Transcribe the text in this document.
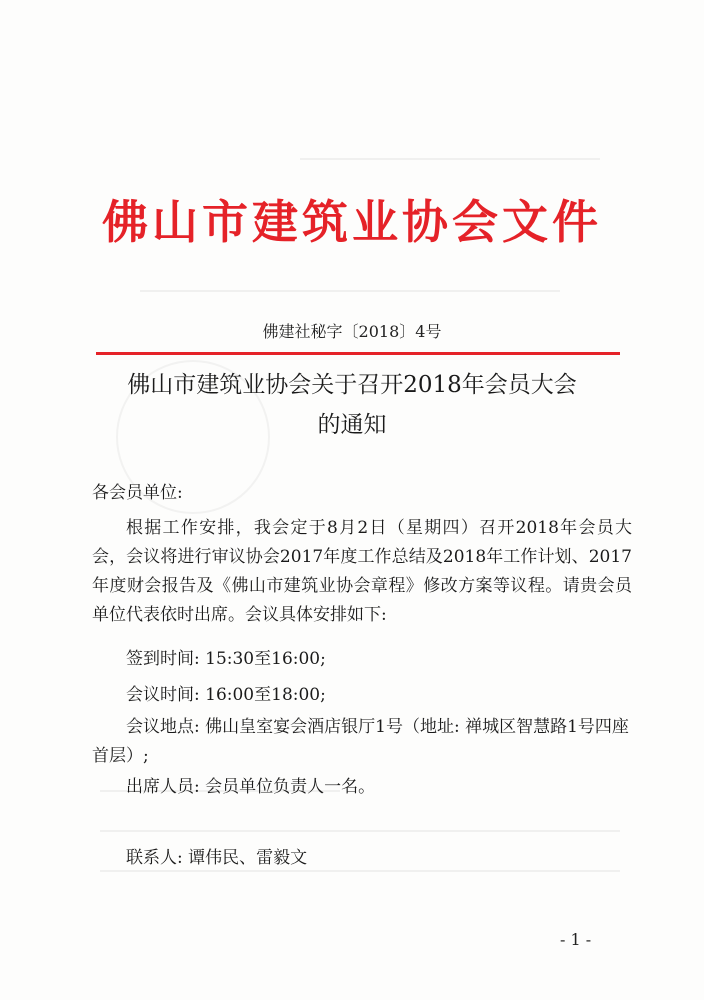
佛山市建筑业协会文件
佛建社秘字〔2018〕4号
佛山市建筑业协会关于召开2018年会员大会
的通知
各会员单位:
根据工作安排，我会定于8月2日（星期四）召开2018年会员大会，会议将进行审议协会2017年度工作总结及2018年工作计划、2017年度财会报告及《佛山市建筑业协会章程》修改方案等议程。请贵会员单位代表依时出席。会议具体安排如下:
签到时间: 15:30至16:00;
会议时间: 16:00至18:00;
会议地点: 佛山皇室宴会酒店银厅1号（地址: 禅城区智慧路1号四座首层）;
出席人员: 会员单位负责人一名。
联系人: 谭伟民、雷毅文
- 1 -
